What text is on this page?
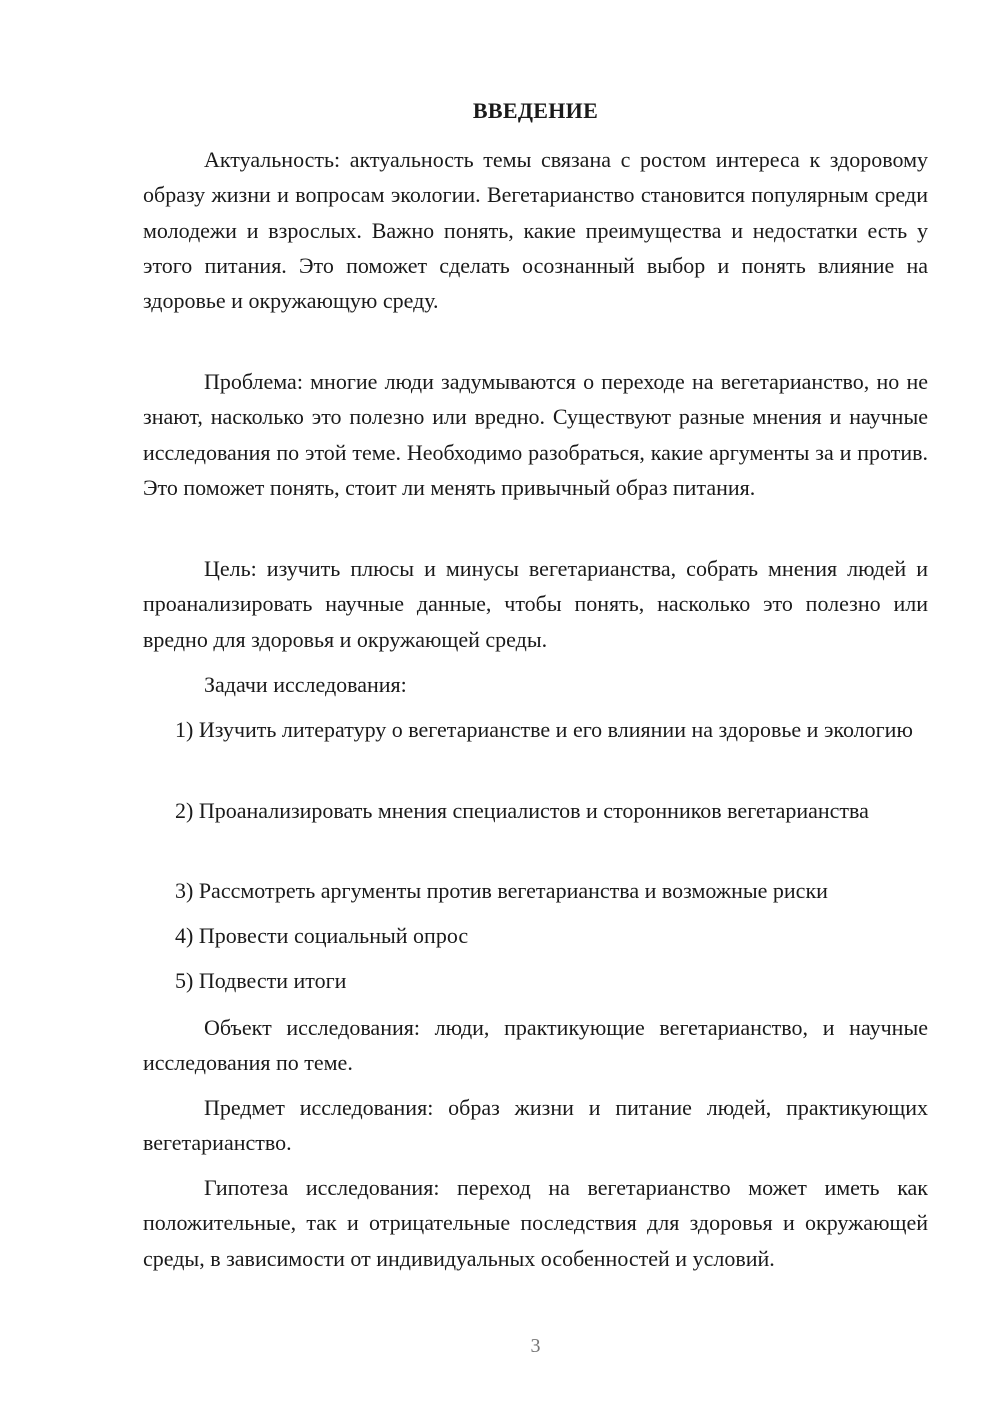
ВВЕДЕНИЕ

Актуальность: актуальность темы связана с ростом интереса к здоровому образу жизни и вопросам экологии. Вегетарианство становится популярным среди молодежи и взрослых. Важно понять, какие преимущества и недостатки есть у этого питания. Это поможет сделать осознанный выбор и понять влияние на здоровье и окружающую среду.

Проблема: многие люди задумываются о переходе на вегетарианство, но не знают, насколько это полезно или вредно. Существуют разные мнения и научные исследования по этой теме. Необходимо разобраться, какие аргументы за и против. Это поможет понять, стоит ли менять привычный образ питания.

Цель: изучить плюсы и минусы вегетарианства, собрать мнения людей и проанализировать научные данные, чтобы понять, насколько это полезно или вредно для здоровья и окружающей среды.

Задачи исследования:

1) Изучить литературу о вегетарианстве и его влиянии на здоровье и экологию

2) Проанализировать мнения специалистов и сторонников вегетарианства

3) Рассмотреть аргументы против вегетарианства и возможные риски

4) Провести социальный опрос

5) Подвести итоги

Объект исследования: люди, практикующие вегетарианство, и научные исследования по теме.

Предмет исследования: образ жизни и питание людей, практикующих вегетарианство.

Гипотеза исследования: переход на вегетарианство может иметь как положительные, так и отрицательные последствия для здоровья и окружающей среды, в зависимости от индивидуальных особенностей и условий.

3
